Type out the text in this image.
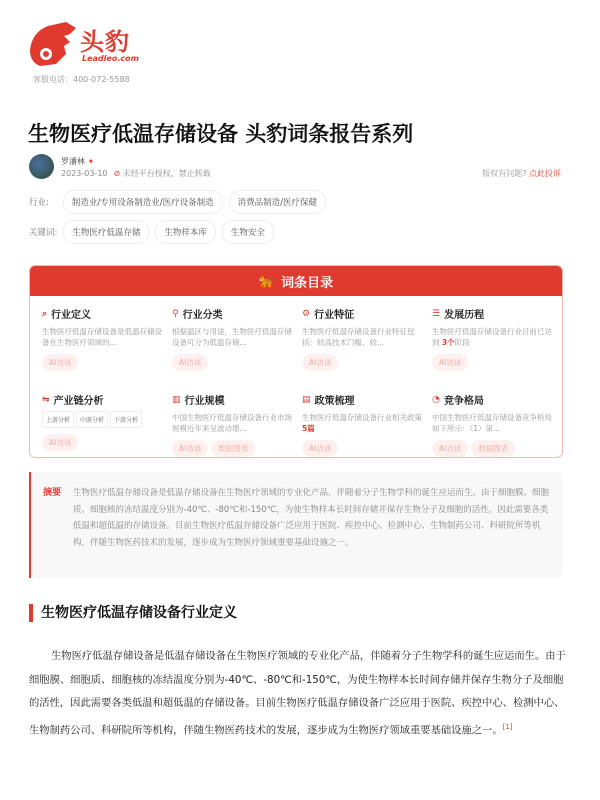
头豹
Leadleo.com
客服电话：400-072-5588
生物医疗低温存储设备 头豹词条报告系列
罗潘林 ✦
2023-03-10 ⊘ 未经平台授权，禁止转载	版权有问题? 点此投诉
行业:	制造业/专用设备制造业/医疗设备制造	消费品制造/医疗保健
关键词:	生物医疗低温存储	生物样本库	生物安全
🐆 词条目录
⌕ 行业定义
生物医疗低温存储设备是低温存储设备在生物医疗领域的...
AI访谈
⚲ 行业分类
根据温区与用途，生物医疗低温存储设备可分为低温存储...
AI访谈
⚙ 行业特征
生物医疗低温存储设备行业特征包括：较高技术门槛、较...
AI访谈
☰ 发展历程
生物医疗低温存储设备行业目前已达到 3个阶段
AI访谈
⇋ 产业链分析
上游分析 中游分析 下游分析
AI访谈
▥ 行业规模
中国生物医疗低温存储设备行业市场规模近年来呈波动增...
AI访谈 数据图表
▤ 政策梳理
生物医疗低温存储设备行业相关政策 5篇
AI访谈
◔ 竞争格局
中国生物医疗低温存储设备竞争格局如下所示：（1）第...
AI访谈 数据图表
摘要 生物医疗低温存储设备是低温存储设备在生物医疗领域的专业化产品，伴随着分子生物学科的诞生应运而生。由于细胞膜、细胞质、细胞核的冻结温度分别为-40℃、-80℃和-150℃，为使生物样本长时间存储并保存生物分子及细胞的活性，因此需要各类低温和超低温的存储设备。目前生物医疗低温存储设备广泛应用于医院、疾控中心、检测中心、生物制药公司、科研院所等机构，伴随生物医药技术的发展，逐步成为生物医疗领域重要基础设施之一。

生物医疗低温存储设备行业定义

生物医疗低温存储设备是低温存储设备在生物医疗领域的专业化产品，伴随着分子生物学科的诞生应运而生。由于细胞膜、细胞质、细胞核的冻结温度分别为-40℃、-80℃和-150℃，为使生物样本长时间存储并保存生物分子及细胞的活性，因此需要各类低温和超低温的存储设备。目前生物医疗低温存储设备广泛应用于医院、疾控中心、检测中心、生物制药公司、科研院所等机构，伴随生物医药技术的发展，逐步成为生物医疗领域重要基础设施之一。[1]
